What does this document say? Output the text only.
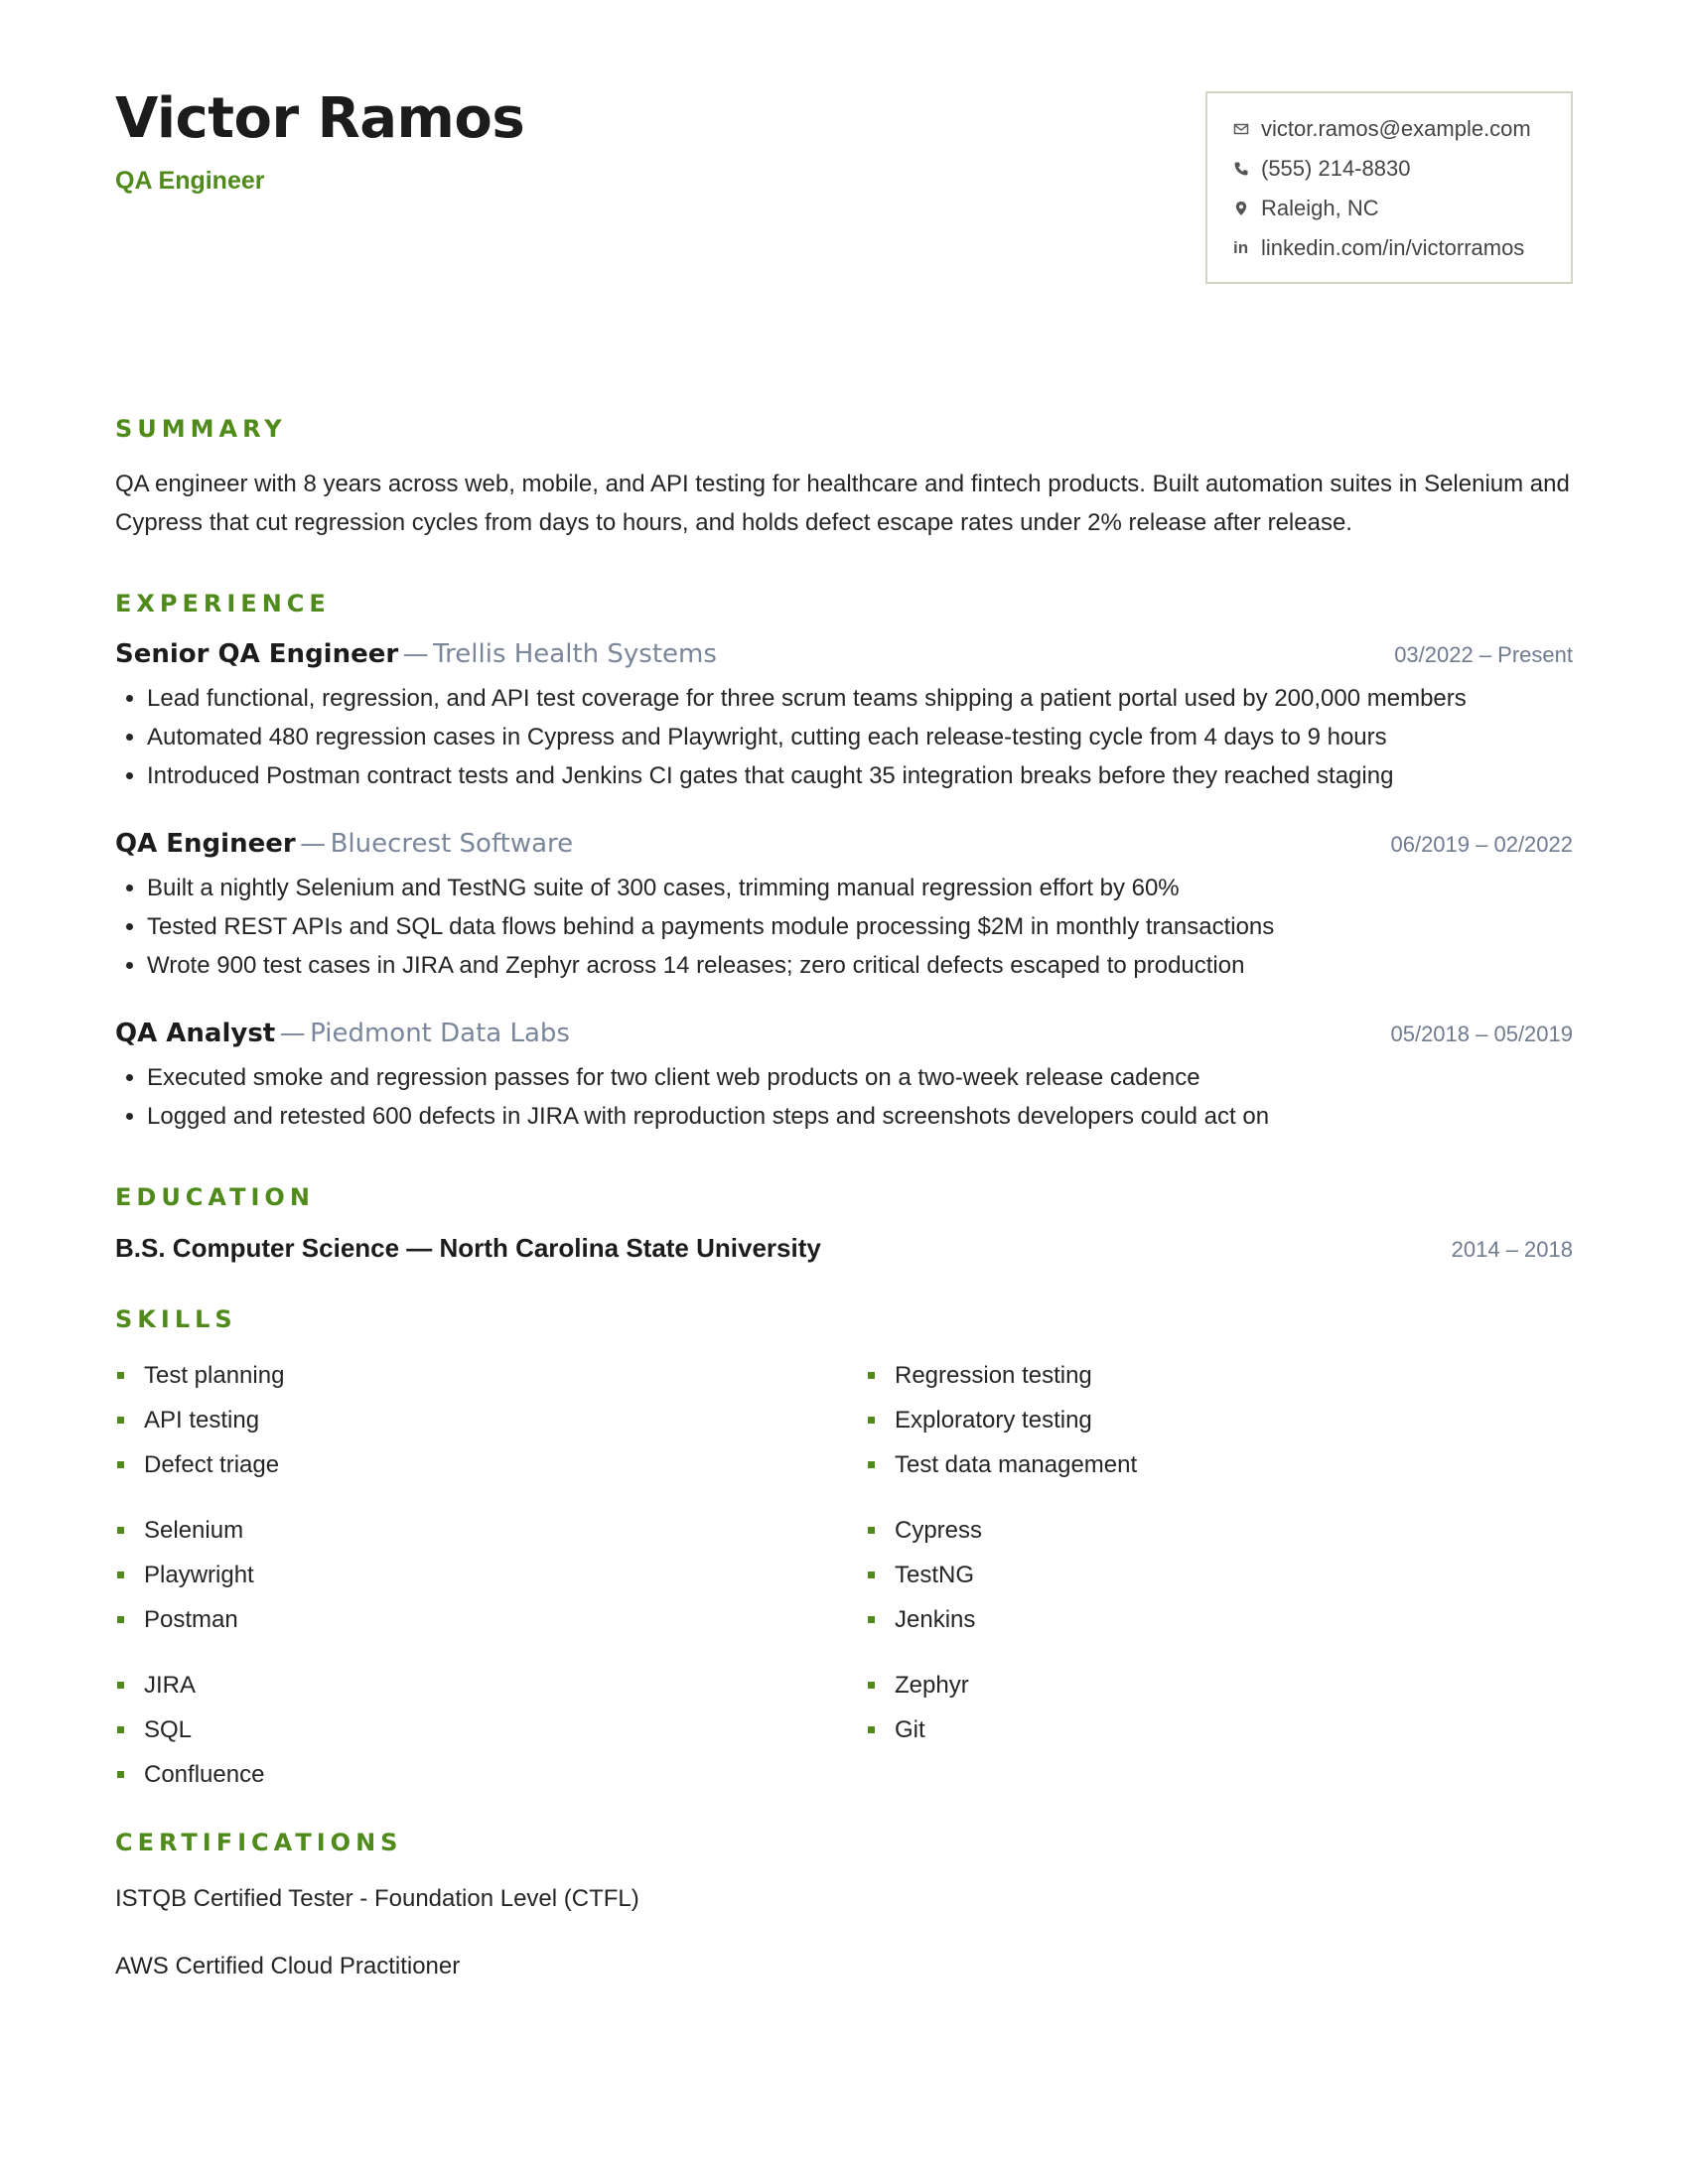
Victor Ramos
QA Engineer
victor.ramos@example.com
(555) 214-8830
Raleigh, NC
in linkedin.com/in/victorramos
SUMMARY

QA engineer with 8 years across web, mobile, and API testing for healthcare and fintech products. Built automation suites in Selenium and Cypress that cut regression cycles from days to hours, and holds defect escape rates under 2% release after release.

EXPERIENCE
Senior QA Engineer — Trellis Health Systems	03/2022 – Present
• Lead functional, regression, and API test coverage for three scrum teams shipping a patient portal used by 200,000 members
• Automated 480 regression cases in Cypress and Playwright, cutting each release-testing cycle from 4 days to 9 hours
• Introduced Postman contract tests and Jenkins CI gates that caught 35 integration breaks before they reached staging
QA Engineer — Bluecrest Software	06/2019 – 02/2022
• Built a nightly Selenium and TestNG suite of 300 cases, trimming manual regression effort by 60%
• Tested REST APIs and SQL data flows behind a payments module processing $2M in monthly transactions
• Wrote 900 test cases in JIRA and Zephyr across 14 releases; zero critical defects escaped to production
QA Analyst — Piedmont Data Labs	05/2018 – 05/2019
• Executed smoke and regression passes for two client web products on a two-week release cadence
• Logged and retested 600 defects in JIRA with reproduction steps and screenshots developers could act on
EDUCATION
B.S. Computer Science — North Carolina State University	2014 – 2018
SKILLS
Test planning
API testing
Defect triage
Regression testing
Exploratory testing
Test data management
Selenium
Playwright
Postman
Cypress
TestNG
Jenkins
JIRA
SQL
Confluence
Zephyr
Git
CERTIFICATIONS
ISTQB Certified Tester - Foundation Level (CTFL)
AWS Certified Cloud Practitioner
